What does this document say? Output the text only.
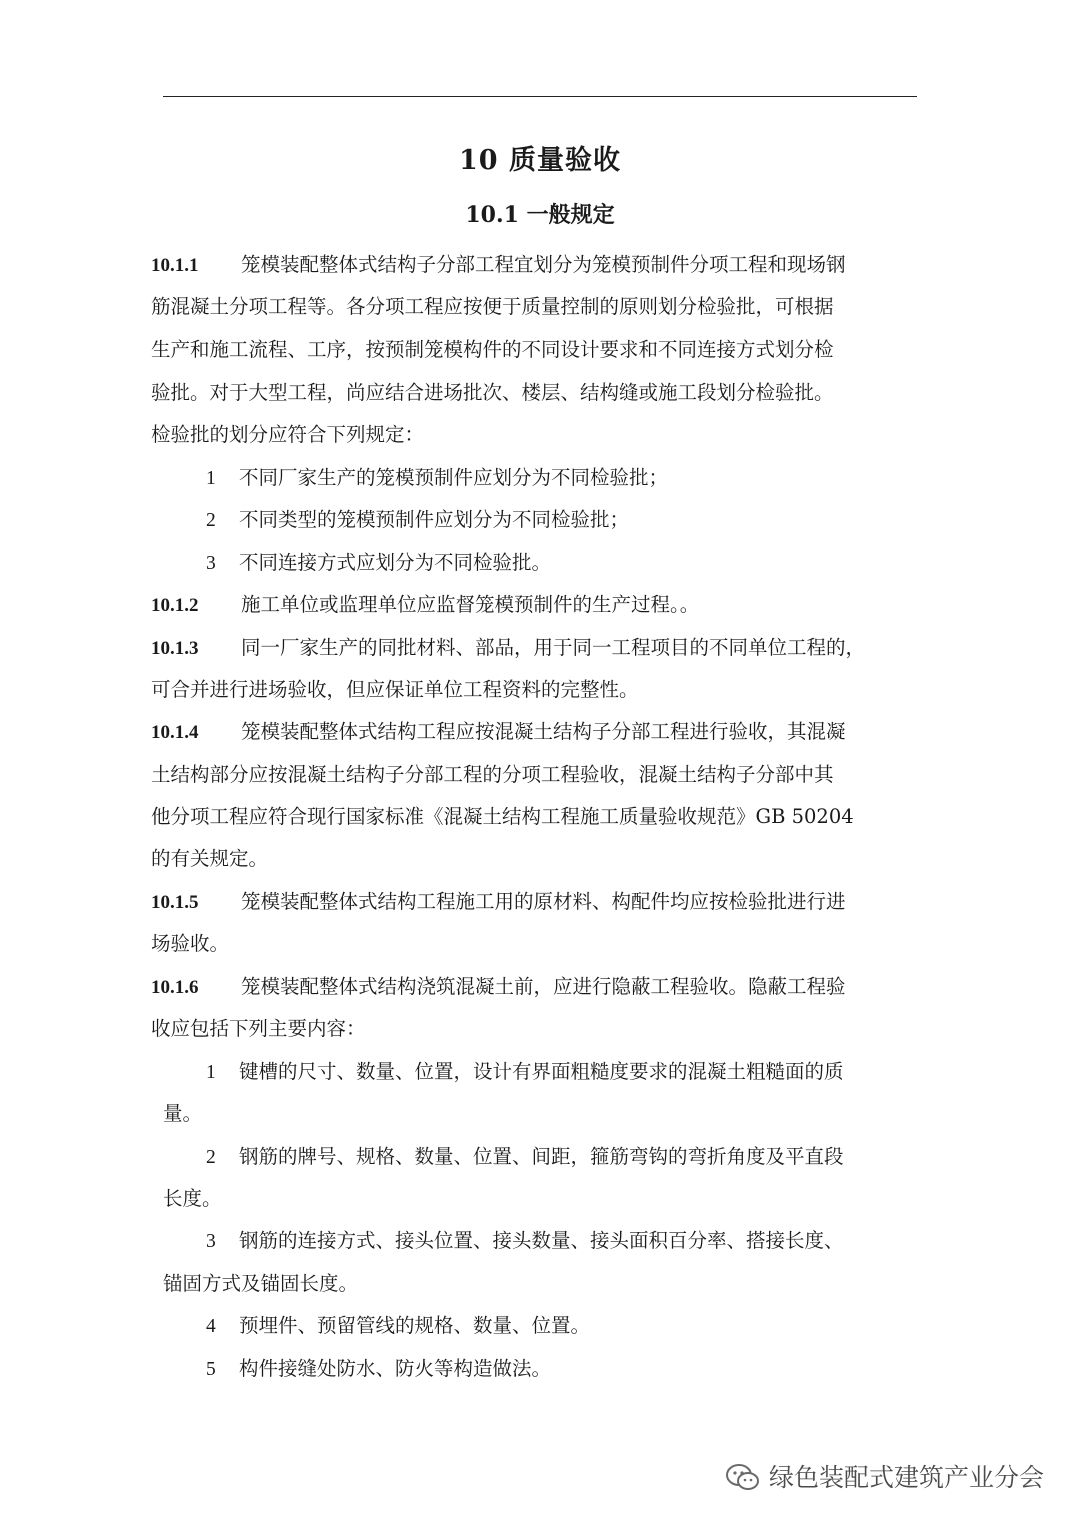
10 质量验收
10.1 一般规定
10.1.1 笼模装配整体式结构子分部工程宜划分为笼模预制件分项工程和现场钢
筋混凝土分项工程等。各分项工程应按便于质量控制的原则划分检验批，可根据
生产和施工流程、工序，按预制笼模构件的不同设计要求和不同连接方式划分检
验批。对于大型工程，尚应结合进场批次、楼层、结构缝或施工段划分检验批。
检验批的划分应符合下列规定：
1 不同厂家生产的笼模预制件应划分为不同检验批；
2 不同类型的笼模预制件应划分为不同检验批；
3 不同连接方式应划分为不同检验批。
10.1.2 施工单位或监理单位应监督笼模预制件的生产过程。。
10.1.3 同一厂家生产的同批材料、部品，用于同一工程项目的不同单位工程的，
可合并进行进场验收，但应保证单位工程资料的完整性。
10.1.4 笼模装配整体式结构工程应按混凝土结构子分部工程进行验收，其混凝
土结构部分应按混凝土结构子分部工程的分项工程验收，混凝土结构子分部中其
他分项工程应符合现行国家标准《混凝土结构工程施工质量验收规范》GB 50204
的有关规定。
10.1.5 笼模装配整体式结构工程施工用的原材料、构配件均应按检验批进行进
场验收。
10.1.6 笼模装配整体式结构浇筑混凝土前，应进行隐蔽工程验收。隐蔽工程验
收应包括下列主要内容：
1 键槽的尺寸、数量、位置，设计有界面粗糙度要求的混凝土粗糙面的质
量。
2 钢筋的牌号、规格、数量、位置、间距，箍筋弯钩的弯折角度及平直段
长度。
3 钢筋的连接方式、接头位置、接头数量、接头面积百分率、搭接长度、
锚固方式及锚固长度。
4 预埋件、预留管线的规格、数量、位置。
5 构件接缝处防水、防火等构造做法。
绿色装配式建筑产业分会
